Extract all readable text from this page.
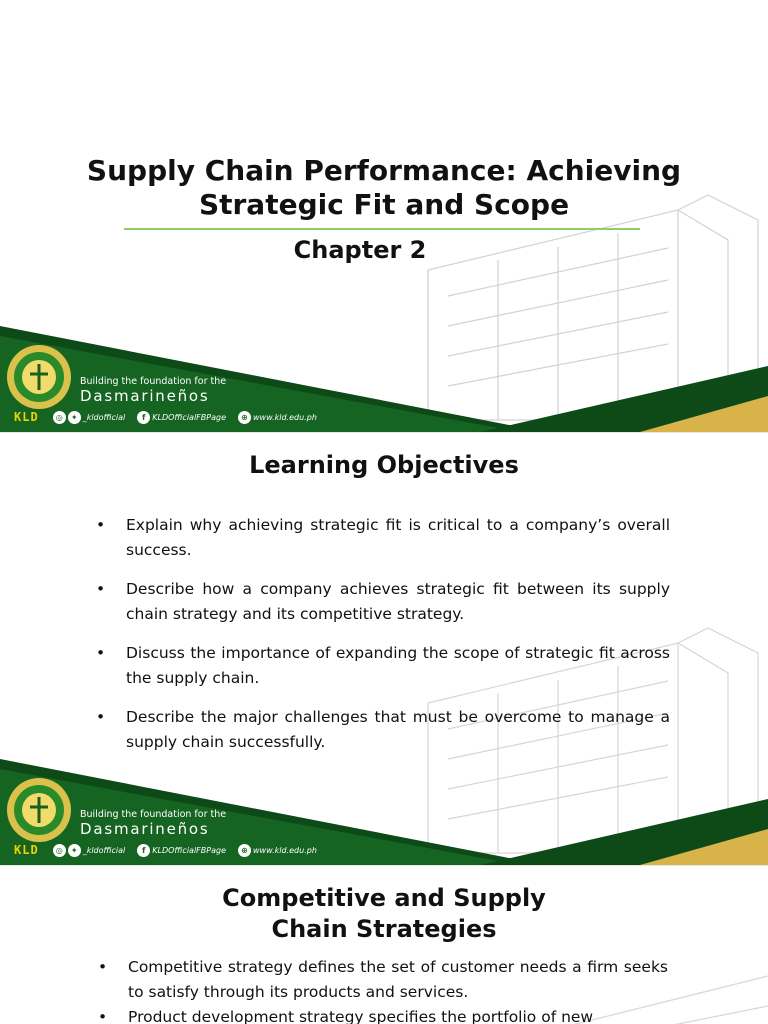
Supply Chain Performance: Achieving
Strategic Fit and Scope
Chapter 2
Building the foundation for the
Dasmarineños
KLD	◎	✦ _kldofficial	f KLDOfficialFBPage	⊕ www.kld.edu.ph
Learning Objectives
• Explain why achieving strategic fit is critical to a company’s overall success.
• Describe how a company achieves strategic fit between its supply chain strategy and its competitive strategy.
• Discuss the importance of expanding the scope of strategic fit across the supply chain.
• Describe the major challenges that must be overcome to manage a supply chain successfully.
Building the foundation for the
Dasmarineños
KLD	◎	✦ _kldofficial	f KLDOfficialFBPage	⊕ www.kld.edu.ph
Competitive and Supply
Chain Strategies
• Competitive strategy defines the set of customer needs a firm seeks to satisfy through its products and services.
• Product development strategy specifies the portfolio of new
